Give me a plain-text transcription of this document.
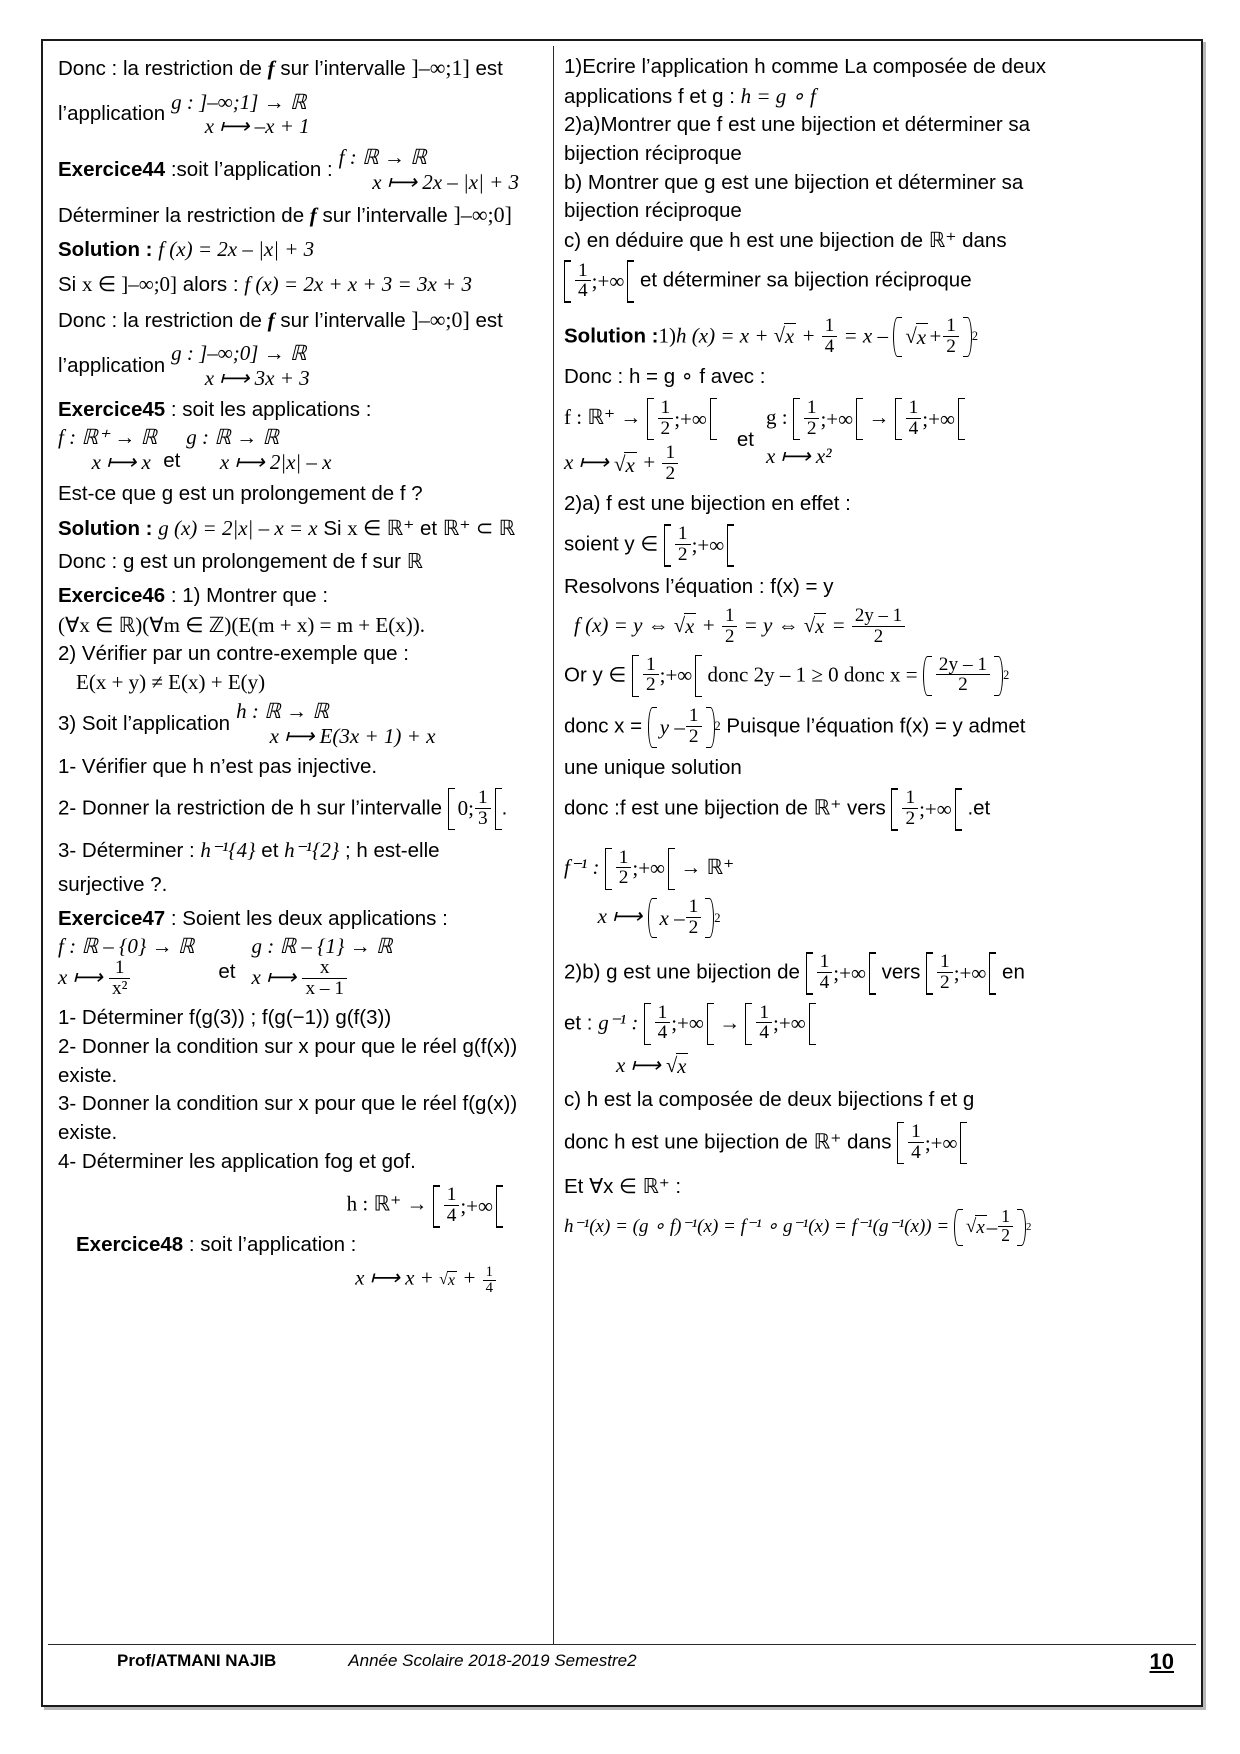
Donc : la restriction de f sur l’intervalle ]–∞;1] est

l’application
g : ]–∞;1] → ℝ
x ⟼ –x + 1
Exercice44 :soit l’application :
f : ℝ → ℝ
x ⟼ 2x – |x| + 3

Déterminer la restriction de f sur l’intervalle ]–∞;0]

Solution : f (x) = 2x – |x| + 3

Si x ∈ ]–∞;0] alors : f (x) = 2x + x + 3 = 3x + 3

Donc : la restriction de f sur l’intervalle ]–∞;0] est

l’application
g : ]–∞;0] → ℝ
x ⟼ 3x + 3

Exercice45 : soit les applications :

f : ℝ⁺ → ℝ
x ⟼ x et
g : ℝ → ℝ
x ⟼ 2|x| – x

Est-ce que g est un prolongement de f ?

Solution : g (x) = 2|x| – x = x Si x ∈ ℝ⁺ et ℝ⁺ ⊂ ℝ

Donc : g est un prolongement de f sur ℝ

Exercice46 : 1) Montrer que :

(∀x ∈ ℝ)(∀m ∈ ℤ)(E(m + x) = m + E(x)).

2) Vérifier par un contre-exemple que :

E(x + y) ≠ E(x) + E(y)

3) Soit l’application
h : ℝ → ℝ
x ⟼ E(3x + 1) + x

1- Vérifier que h n’est pas injective.

2- Donner la restriction de h sur l’intervalle 0; $\frac{1}{3}$ .

3- Déterminer : h⁻¹{4} et h⁻¹{2} ; h est-elle

surjective ?.

Exercice47 : Soient les deux applications :

f : ℝ – {0} → ℝ
x ⟼ $\frac{1}{\text{x²}}$	et
g : ℝ – {1} → ℝ
x ⟼ $\frac{x}{x - 1}$

1- Déterminer f(g(3)) ; f(g(−1)) g(f(3))

2- Donner la condition sur x pour que le réel g(f(x))

existe.

3- Donner la condition sur x pour que le réel f(g(x))

existe.

4- Déterminer les application fog et gof.

h : ℝ⁺ → $\frac{1}{4}$ ;+∞

Exercice48 : soit l’application :

x ⟼ x + √ $x + \frac{1}{4}$

1)Ecrire l’application h comme La composée de deux

applications f et g : h = g ∘ f

2)a)Montrer que f est une bijection et déterminer sa

bijection réciproque

b) Montrer que g est une bijection et déterminer sa

bijection réciproque

c) en déduire que h est une bijection de ℝ⁺ dans

$\frac{1}{4}$ ;+∞ et déterminer sa bijection réciproque

Solution :1)h (x) = x + √ $x + \frac{1}{4} = x$ – √ $x + \frac{1}{2} 2$

Donc : h = g ∘ f avec :

f : ℝ⁺ → $\frac{1}{2}$ ;+∞
x ⟼ √ $x + \frac{1}{2}$
et
g : $\frac{1}{2}$ ;+∞ → $\frac{1}{4}$ ;+∞
x ⟼ x²

2)a) f est une bijection en effet :

soient y ∈ $\frac{1}{2}$ ;+∞

Resolvons l’équation : f(x) = y

f (x) = y ⇔ √ $x + \frac{1}{2} = y$ ⇔ √ $x = \frac{2y - 1}{2}$

Or y ∈ $\frac{1}{2}$ ;+∞ donc 2y – 1 ≥ 0 donc $x = \frac{2y - 1}{2} 2$

donc $x = y - \frac{1}{2} 2$ Puisque l’équation f(x) = y admet

une unique solution

donc :f est une bijection de ℝ⁺ vers $\frac{1}{2}$ ;+∞ .et

f⁻¹ : $\frac{1}{2}$ ;+∞ → ℝ⁺
x ⟼ x – $\frac{1}{2} 2$

2)b) g est une bijection de $\frac{1}{4}$ ;+∞ vers $\frac{1}{2}$ ;+∞ en

et : g⁻¹ : $\frac{1}{4}$ ;+∞ → $\frac{1}{4}$ ;+∞

x ⟼ √ x

c) h est la composée de deux bijections f et g

donc h est une bijection de ℝ⁺ dans $\frac{1}{4}$ ;+∞

Et ∀x ∈ ℝ⁺ :

h⁻¹(x) = (g ∘ f)⁻¹(x) = f⁻¹ ∘ g⁻¹(x) = f⁻¹(g⁻¹(x)) = √ x – $\frac{1}{2} 2$

Prof/ATMANI NAJIB	Année Scolaire 2018-2019 Semestre2	10
